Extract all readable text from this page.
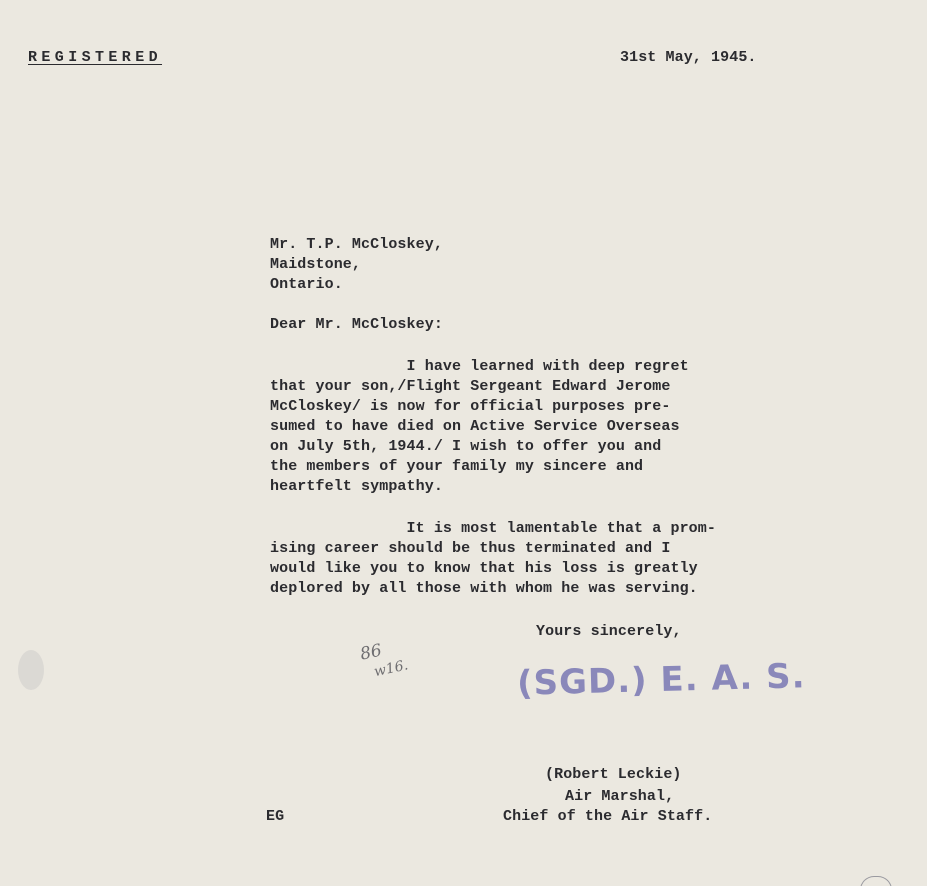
REGISTERED	31st May, 1945.
Mr. T.P. McCloskey,
Maidstone,
Ontario.
Dear Mr. McCloskey:
I have learned with deep regret
that your son,/Flight Sergeant Edward Jerome
McCloskey/ is now for official purposes pre-
sumed to have died on Active Service Overseas
on July 5th, 1944./ I wish to offer you and
the members of your family my sincere and
heartfelt sympathy.
It is most lamentable that a prom-
ising career should be thus terminated and I
would like you to know that his loss is greatly
deplored by all those with whom he was serving.
Yours sincerely,
86
w16.	(SGD.) E. A. S.
(Robert Leckie)
Air Marshal,
Chief of the Air Staff.
EG
